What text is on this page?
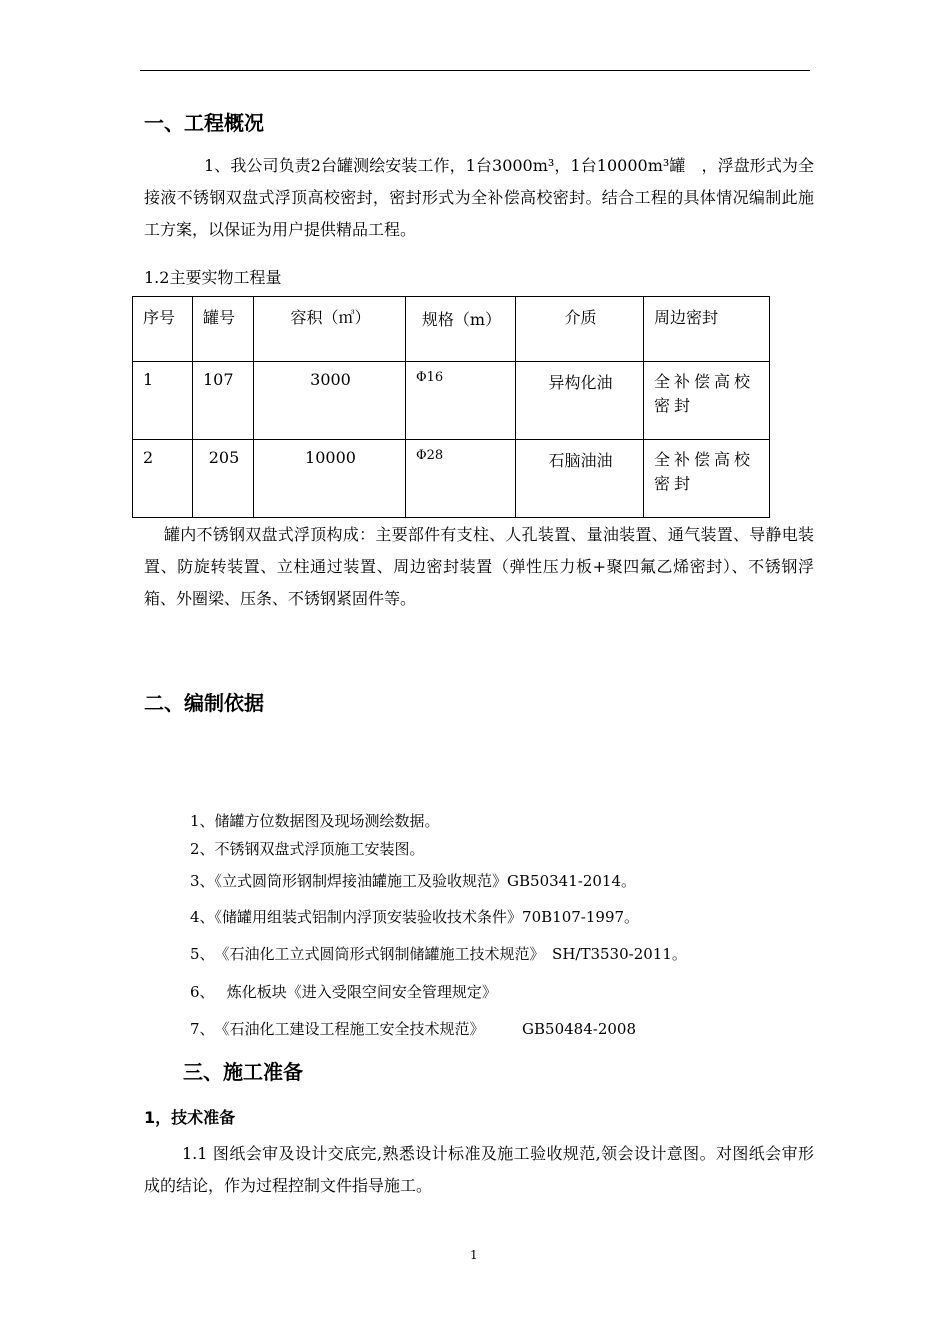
一、工程概况
1、我公司负责2台罐测绘安装工作，1台3000m³，1台10000m³罐　，浮盘形式为全接液不锈钢双盘式浮顶高校密封，密封形式为全补偿高校密封。结合工程的具体情况编制此施工方案，以保证为用户提供精品工程。
1.2主要实物工程量
序号	罐号	容积（㎥）	规格（m）	介质	周边密封
1	107	3000	Φ16	异构化油	全补偿高校密封
2	205	10000	Φ28	石脑油油	全补偿高校密封
罐内不锈钢双盘式浮顶构成：主要部件有支柱、人孔装置、量油装置、通气装置、导静电装置、防旋转装置、立柱通过装置、周边密封装置（弹性压力板+聚四氟乙烯密封）、不锈钢浮箱、外圈梁、压条、不锈钢紧固件等。
二、编制依据
1、储罐方位数据图及现场测绘数据。
2、不锈钢双盘式浮顶施工安装图。
3、《立式圆筒形钢制焊接油罐施工及验收规范》GB50341-2014。
4、《储罐用组装式铝制内浮顶安装验收技术条件》70B107-1997。
5、　《石油化工立式圆筒形式钢制储罐施工技术规范》　SH/T3530-2011。
6、　 炼化板块《进入受限空间安全管理规定》
7、　《石油化工建设工程施工安全技术规范》　　　GB50484-2008
三、施工准备
1，技术准备
1.1 图纸会审及设计交底完,熟悉设计标准及施工验收规范,领会设计意图。对图纸会审形成的结论，作为过程控制文件指导施工。
1
